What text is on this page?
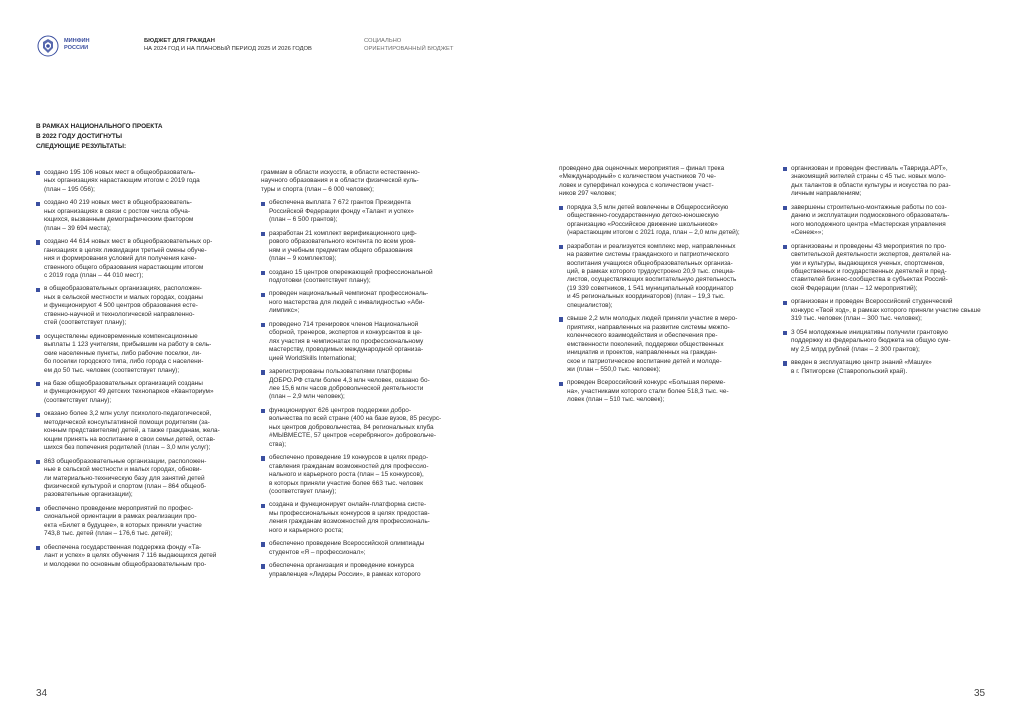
МИНФИН
РОССИИ
БЮДЖЕТ ДЛЯ ГРАЖДАН
НА 2024 ГОД И НА ПЛАНОВЫЙ ПЕРИОД 2025 И 2026 ГОДОВ
СОЦИАЛЬНО
ОРИЕНТИРОВАННЫЙ БЮДЖЕТ
В РАМКАХ НАЦИОНАЛЬНОГО ПРОЕКТА
В 2022 ГОДУ ДОСТИГНУТЫ
СЛЕДУЮЩИЕ РЕЗУЛЬТАТЫ:
создано 195 106 новых мест в общеобразователь-
ных организациях нарастающим итогом с 2019 года
(план – 195 056);
создано 40 219 новых мест в общеобразователь-
ных организациях в связи с ростом числа обуча-
ющихся, вызванным демографическим фактором
(план – 39 694 места);
создано 44 614 новых мест в общеобразовательных ор-
ганизациях в целях ликвидации третьей смены обуче-
ния и формирования условий для получения каче-
ственного общего образования нарастающим итогом
с 2019 года (план – 44 010 мест);
в общеобразовательных организациях, расположен-
ных в сельской местности и малых городах, созданы
и функционируют 4 500 центров образования есте-
ственно-научной и технологической направленно-
стей (соответствует плану);
осуществлены единовременные компенсационные
выплаты 1 123 учителям, прибывшим на работу в сель-
ские населенные пункты, либо рабочие поселки, ли-
бо поселки городского типа, либо города с населени-
ем до 50 тыс. человек (соответствует плану);
на базе общеобразовательных организаций созданы
и функционируют 49 детских технопарков «Кванториум»
(соответствует плану);
оказано более 3,2 млн услуг психолого-педагогической,
методической консультативной помощи родителям (за-
конным представителям) детей, а также гражданам, жела-
ющим принять на воспитание в свои семьи детей, остав-
шихся без попечения родителей (план – 3,0 млн услуг);
863 общеобразовательные организации, расположен-
ные в сельской местности и малых городах, обнови-
ли материально-техническую базу для занятий детей
физической культурой и спортом (план – 864 общеоб-
разовательные организации);
обеспечено проведение мероприятий по профес-
сиональной ориентации в рамках реализации про-
екта «Билет в будущее», в которых приняли участие
743,8 тыс. детей (план – 176,6 тыс. детей);
обеспечена государственная поддержка фонду «Та-
лант и успех» в целях обучения 7 116 выдающихся детей
и молодежи по основным общеобразовательным про-
граммам в области искусств, в области естественно-
научного образования и в области физической куль-
туры и спорта (план – 6 000 человек);
обеспечена выплата 7 672 грантов Президента
Российской Федерации фонду «Талант и успех»
(план – 6 500 грантов);
разработан 21 комплект верификационного циф-
рового образовательного контента по всем уров-
ням и учебным предметам общего образования
(план – 9 комплектов);
создано 15 центров опережающей профессиональной
подготовки (соответствует плану);
проведен национальный чемпионат профессиональ-
ного мастерства для людей с инвалидностью «Аби-
лимпикс»;
проведено 714 тренировок членов Национальной
сборной, тренеров, экспертов и конкурсантов в це-
лях участия в чемпионатах по профессиональному
мастерству, проводимых международной организа-
цией WorldSkills International;
зарегистрированы пользователями платформы
ДОБРО.РФ стали более 4,3 млн человек, оказано бо-
лее 15,6 млн часов добровольческой деятельности
(план – 2,9 млн человек);
функционируют 626 центров поддержки добро-
вольчества по всей стране (400 на базе вузов, 85 ресурс-
ных центров добровольчества, 84 региональных клуба
#МЫВМЕСТЕ, 57 центров «серебряного» добровольче-
ства);
обеспечено проведение 19 конкурсов в целях предо-
ставления гражданам возможностей для профессио-
нального и карьерного роста (план – 15 конкурсов),
в которых приняли участие более 663 тыс. человек
(соответствует плану);
создана и функционирует онлайн-платформа систе-
мы профессиональных конкурсов в целях предостав-
ления гражданам возможностей для профессиональ-
ного и карьерного роста;
обеспечено проведение Всероссийской олимпиады
студентов «Я – профессионал»;
обеспечена организация и проведение конкурса
управленцев «Лидеры России», в рамках которого
34
проведено два оценочных мероприятия – финал трека
«Международный» с количеством участников 70 че-
ловек и суперфинал конкурса с количеством участ-
ников 297 человек;
порядка 3,5 млн детей вовлечены в Общероссийскую
общественно-государственную детско-юношескую
организацию «Российское движение школьников»
(нарастающим итогом с 2021 года, план – 2,0 млн детей);
разработан и реализуется комплекс мер, направленных
на развитие системы гражданского и патриотического
воспитания учащихся общеобразовательных организа-
ций, в рамках которого трудоустроено 20,9 тыс. специа-
листов, осуществляющих воспитательную деятельность
(19 339 советников, 1 541 муниципальный координатор
и 45 региональных координаторов) (план – 19,3 тыс.
специалистов);
свыше 2,2 млн молодых людей приняли участие в меро-
приятиях, направленных на развитие системы межпо-
коленческого взаимодействия и обеспечения пре-
емственности поколений, поддержки общественных
инициатив и проектов, направленных на граждан-
ское и патриотическое воспитание детей и молоде-
жи (план – 550,0 тыс. человек);
проведен Всероссийский конкурс «Большая переме-
на», участниками которого стали более 518,3 тыс. че-
ловек (план – 510 тыс. человек);
организован и проведен фестиваль «Таврида.АРТ»,
знакомящий жителей страны с 45 тыс. новых моло-
дых талантов в области культуры и искусства по раз-
личным направлениям;
завершены строительно-монтажные работы по соз-
данию и эксплуатации подмосковного образователь-
ного молодежного центра «Мастерская управления
«Сенеж»»;
организованы и проведены 43 мероприятия по про-
светительской деятельности экспертов, деятелей на-
уки и культуры, выдающихся ученых, спортсменов,
общественных и государственных деятелей и пред-
ставителей бизнес-сообщества в субъектах Россий-
ской Федерации (план – 12 мероприятий);
организован и проведен Всероссийский студенческий
конкурс «Твой ход», в рамках которого приняли участие свыше
319 тыс. человек (план – 300 тыс. человек);
3 054 молодежные инициативы получили грантовую
поддержку из федерального бюджета на общую сум-
му 2,5 млрд рублей (план – 2 300 грантов);
введен в эксплуатацию центр знаний «Машук»
в г. Пятигорске (Ставропольский край).
35
